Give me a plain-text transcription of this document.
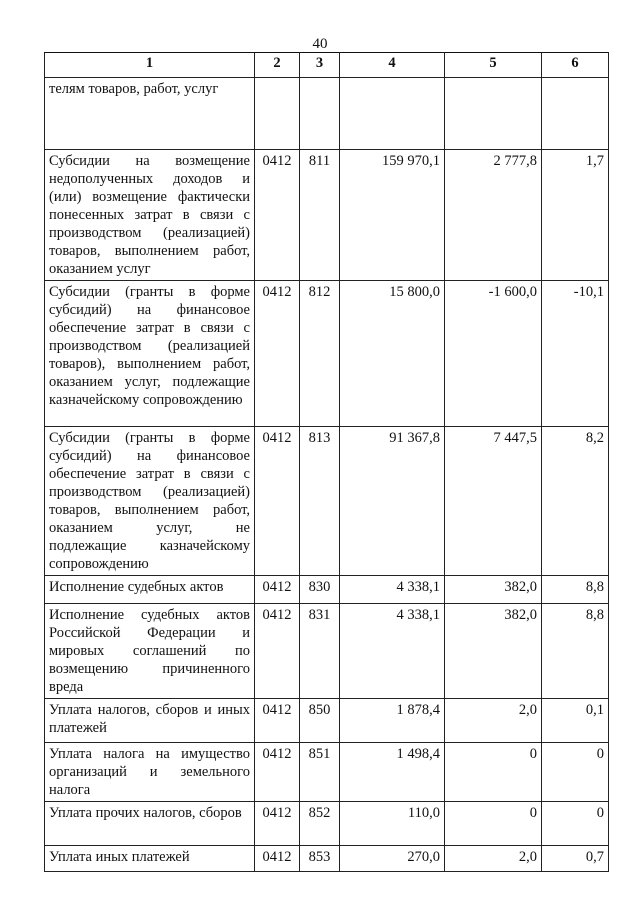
40
1	2	3	4	5	6
телям товаров, работ, услуг					
Субсидии на возмещение недополученных доходов и (или) возмещение фактически понесенных затрат в связи с производством (реализацией) товаров, выполнением работ, оказанием услуг	0412	811	159 970,1	2 777,8	1,7
Субсидии (гранты в форме субсидий) на финансовое обеспечение затрат в связи с производством (реализацией товаров), выполнением работ, оказанием услуг, подлежащие казначейскому сопровождению	0412	812	15 800,0	-1 600,0	-10,1
Субсидии (гранты в форме субсидий) на финансовое обеспечение затрат в связи с производством (реализацией) товаров, выполнением работ, оказанием услуг, не подлежащие казначейскому сопровождению	0412	813	91 367,8	7 447,5	8,2
Исполнение судебных актов	0412	830	4 338,1	382,0	8,8
Исполнение судебных актов Российской Федерации и мировых соглашений по возмещению причиненного вреда	0412	831	4 338,1	382,0	8,8
Уплата налогов, сборов и иных платежей	0412	850	1 878,4	2,0	0,1
Уплата налога на имущество организаций и земельного налога	0412	851	1 498,4	0	0
Уплата прочих налогов, сборов	0412	852	110,0	0	0
Уплата иных платежей	0412	853	270,0	2,0	0,7
